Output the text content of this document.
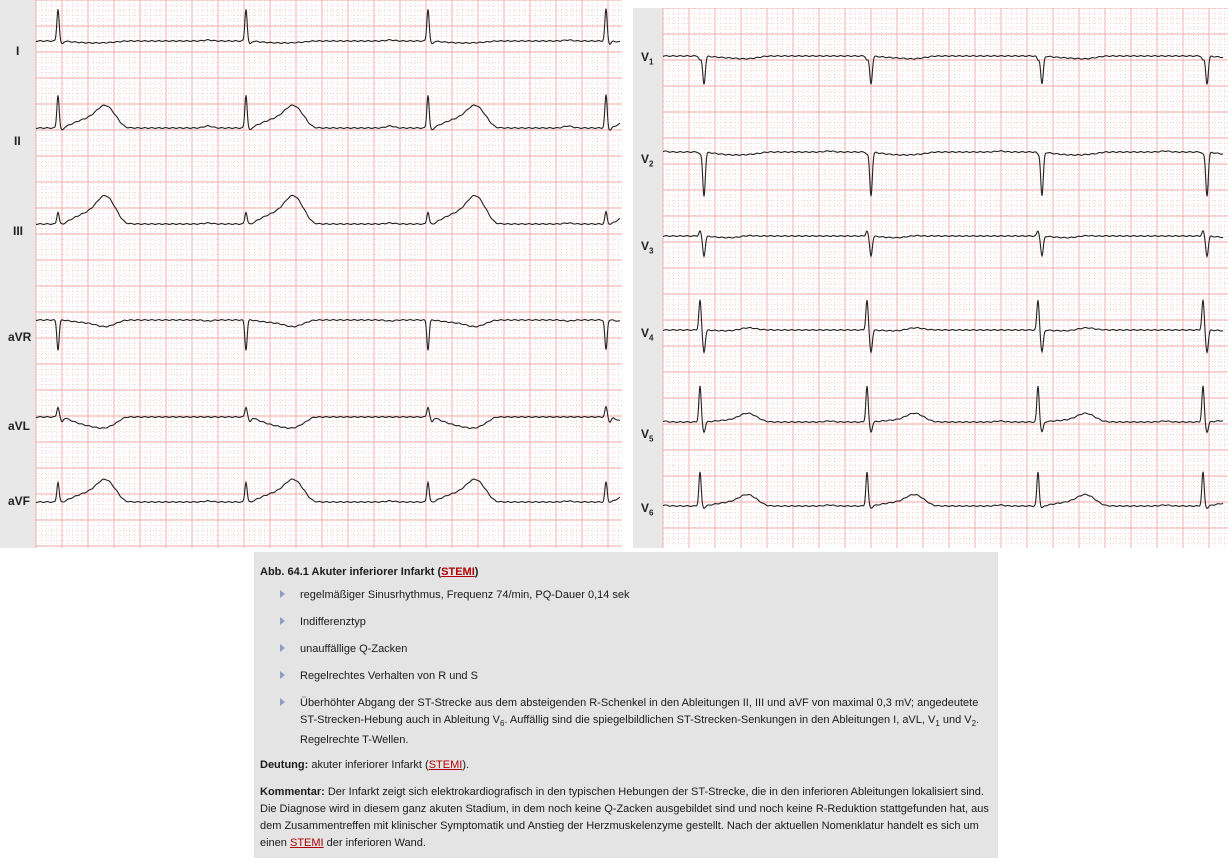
I
II
III
aVR
aVL
aVF
$V_1$
$V_2$
$V_3$
$V_4$
$V_5$
$V_6$
Abb. 64.1 Akuter inferiorer Infarkt (STEMI)
regelmäßiger Sinusrhythmus, Frequenz 74/min, PQ-Dauer 0,14 sek
Indifferenztyp
unauffällige Q-Zacken
Regelrechtes Verhalten von R und S
Überhöhter Abgang der ST-Strecke aus dem absteigenden R-Schenkel in den Ableitungen II, III und aVF von maximal 0,3 mV; angedeutete ST-Strecken-Hebung auch in Ableitung $V_6$. Auffällig sind die spiegelbildlichen ST-Strecken-Senkungen in den Ableitungen I, aVL, $V_1$ und $V_2$. Regelrechte T-Wellen.
Deutung: akuter inferiorer Infarkt (STEMI).
Kommentar: Der Infarkt zeigt sich elektrokardiografisch in den typischen Hebungen der ST-Strecke, die in den inferioren Ableitungen lokalisiert sind. Die Diagnose wird in diesem ganz akuten Stadium, in dem noch keine Q-Zacken ausgebildet sind und noch keine R-Reduktion stattgefunden hat, aus dem Zusammentreffen mit klinischer Symptomatik und Anstieg der Herzmuskelenzyme gestellt. Nach der aktuellen Nomenklatur handelt es sich um einen STEMI der inferioren Wand.
